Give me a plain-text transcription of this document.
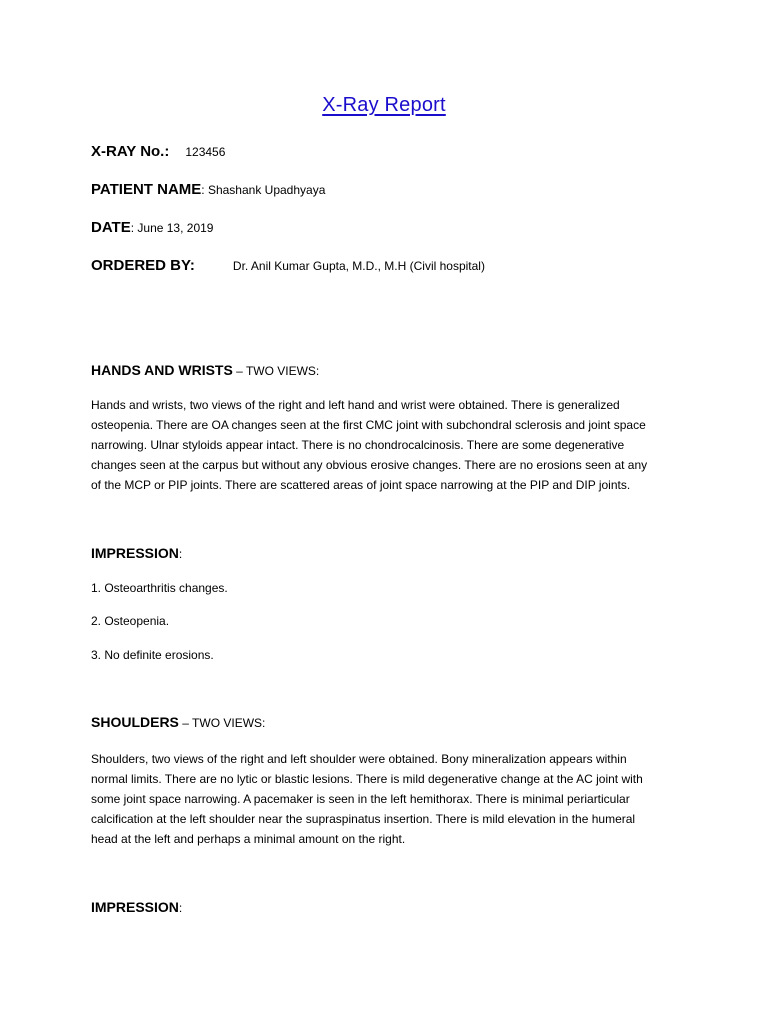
X-Ray Report
X-RAY No.: 123456
PATIENT NAME: Shashank Upadhyaya
DATE: June 13, 2019
ORDERED BY:	Dr. Anil Kumar Gupta, M.D., M.H (Civil hospital)
HANDS AND WRISTS – TWO VIEWS:
Hands and wrists, two views of the right and left hand and wrist were obtained. There is generalized
osteopenia. There are OA changes seen at the first CMC joint with subchondral sclerosis and joint space
narrowing. Ulnar styloids appear intact. There is no chondrocalcinosis. There are some degenerative
changes seen at the carpus but without any obvious erosive changes. There are no erosions seen at any
of the MCP or PIP joints. There are scattered areas of joint space narrowing at the PIP and DIP joints.
IMPRESSION:
1. Osteoarthritis changes.
2. Osteopenia.
3. No definite erosions.
SHOULDERS – TWO VIEWS:
Shoulders, two views of the right and left shoulder were obtained. Bony mineralization appears within
normal limits. There are no lytic or blastic lesions. There is mild degenerative change at the AC joint with
some joint space narrowing. A pacemaker is seen in the left hemithorax. There is minimal periarticular
calcification at the left shoulder near the supraspinatus insertion. There is mild elevation in the humeral
head at the left and perhaps a minimal amount on the right.
IMPRESSION:
